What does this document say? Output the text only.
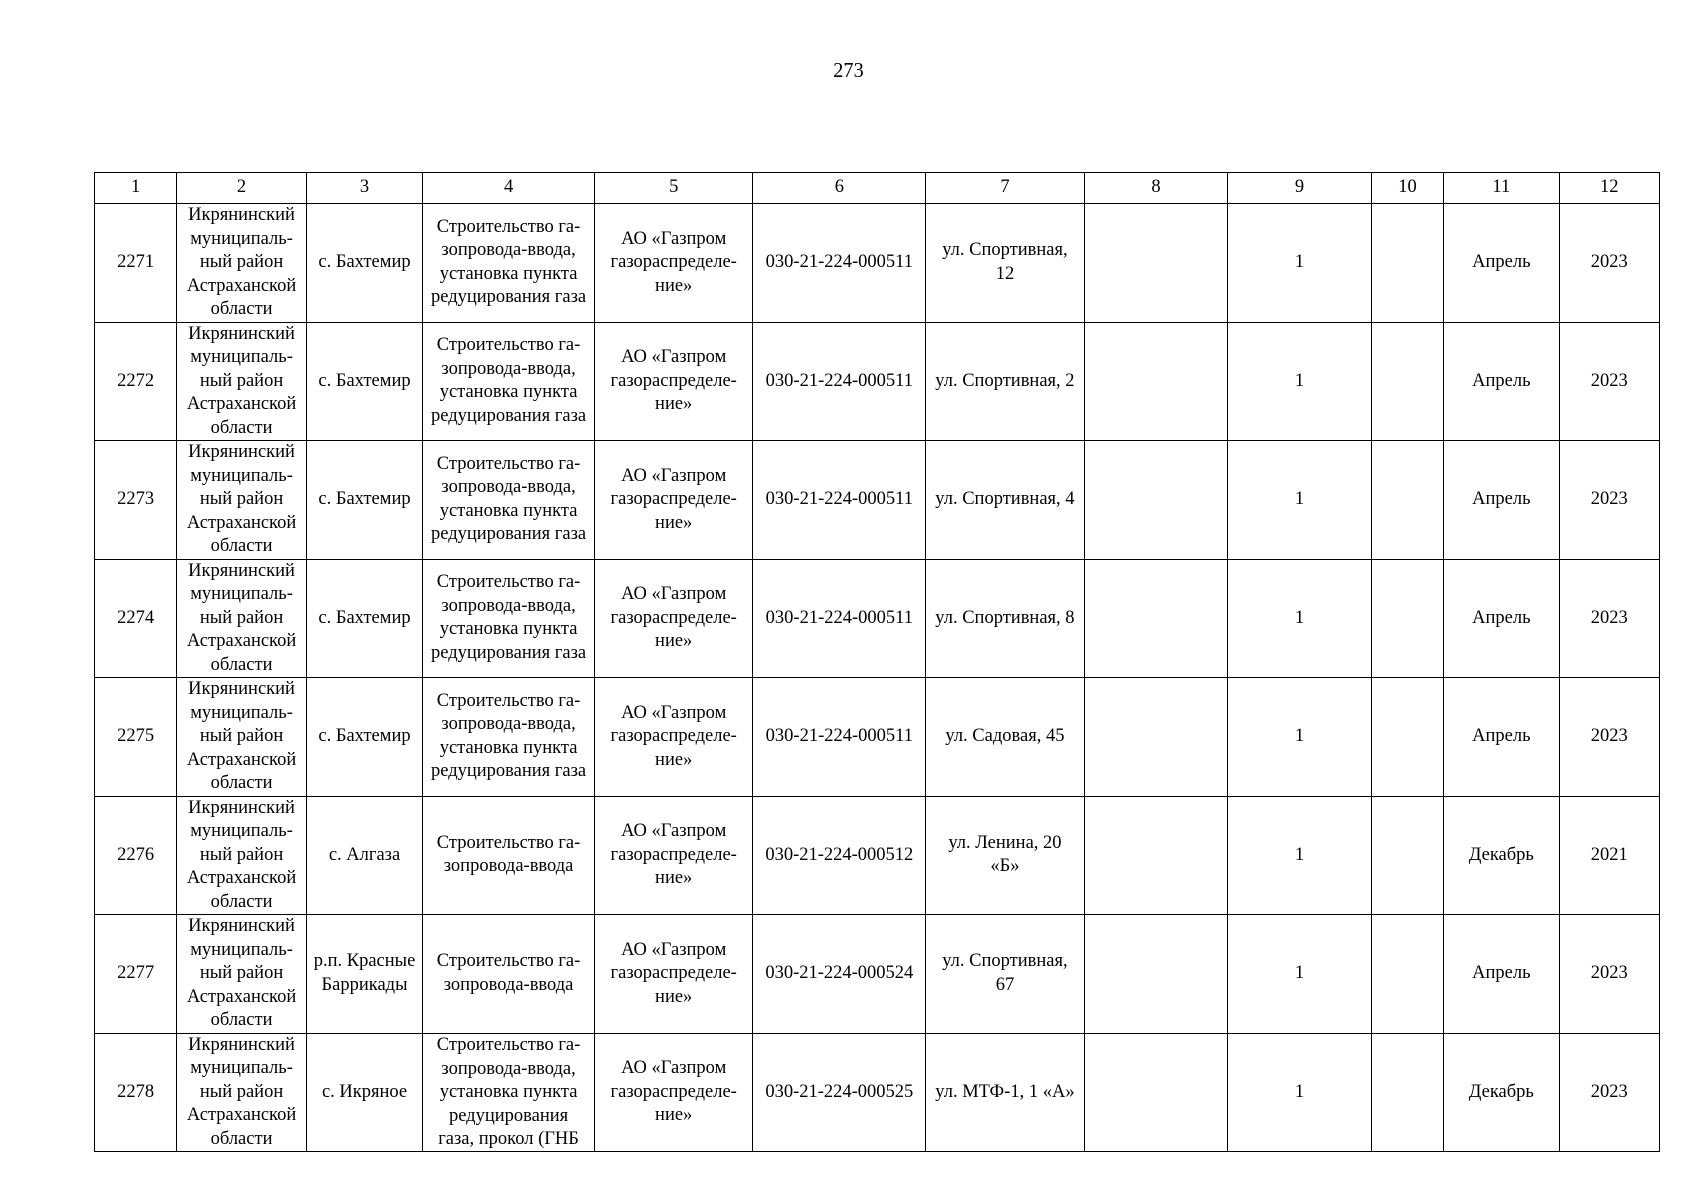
273
1	2	3	4	5	6	7	8	9	10	11	12

2271	Икрянинский
муниципаль-
ный район
Астраханской
области	с. Бахтемир	Строительство га-
зопровода-ввода,
установка пункта
редуцирования газа	АО «Газпром
газораспределе-
ние»	030-21-224-000511	ул. Спортивная,
12		1		Апрель	2023

2272	Икрянинский
муниципаль-
ный район
Астраханской
области	с. Бахтемир	Строительство га-
зопровода-ввода,
установка пункта
редуцирования газа	АО «Газпром
газораспределе-
ние»	030-21-224-000511	ул. Спортивная, 2		1		Апрель	2023

2273	Икрянинский
муниципаль-
ный район
Астраханской
области	с. Бахтемир	Строительство га-
зопровода-ввода,
установка пункта
редуцирования газа	АО «Газпром
газораспределе-
ние»	030-21-224-000511	ул. Спортивная, 4		1		Апрель	2023

2274	Икрянинский
муниципаль-
ный район
Астраханской
области	с. Бахтемир	Строительство га-
зопровода-ввода,
установка пункта
редуцирования газа	АО «Газпром
газораспределе-
ние»	030-21-224-000511	ул. Спортивная, 8		1		Апрель	2023

2275	Икрянинский
муниципаль-
ный район
Астраханской
области	с. Бахтемир	Строительство га-
зопровода-ввода,
установка пункта
редуцирования газа	АО «Газпром
газораспределе-
ние»	030-21-224-000511	ул. Садовая, 45		1		Апрель	2023

2276	Икрянинский
муниципаль-
ный район
Астраханской
области	с. Алгаза	Строительство га-
зопровода-ввода	АО «Газпром
газораспределе-
ние»	030-21-224-000512	ул. Ленина, 20
«Б»		1		Декабрь	2021

2277	Икрянинский
муниципаль-
ный район
Астраханской
области	р.п. Красные
Баррикады	Строительство га-
зопровода-ввода	АО «Газпром
газораспределе-
ние»	030-21-224-000524	ул. Спортивная,
67		1		Апрель	2023

2278	Икрянинский
муниципаль-
ный район
Астраханской
области	с. Икряное	Строительство га-
зопровода-ввода,
установка пункта
редуцирования
газа, прокол (ГНБ	АО «Газпром
газораспределе-
ние»	030-21-224-000525	ул. МТФ-1, 1 «А»		1		Декабрь	2023
